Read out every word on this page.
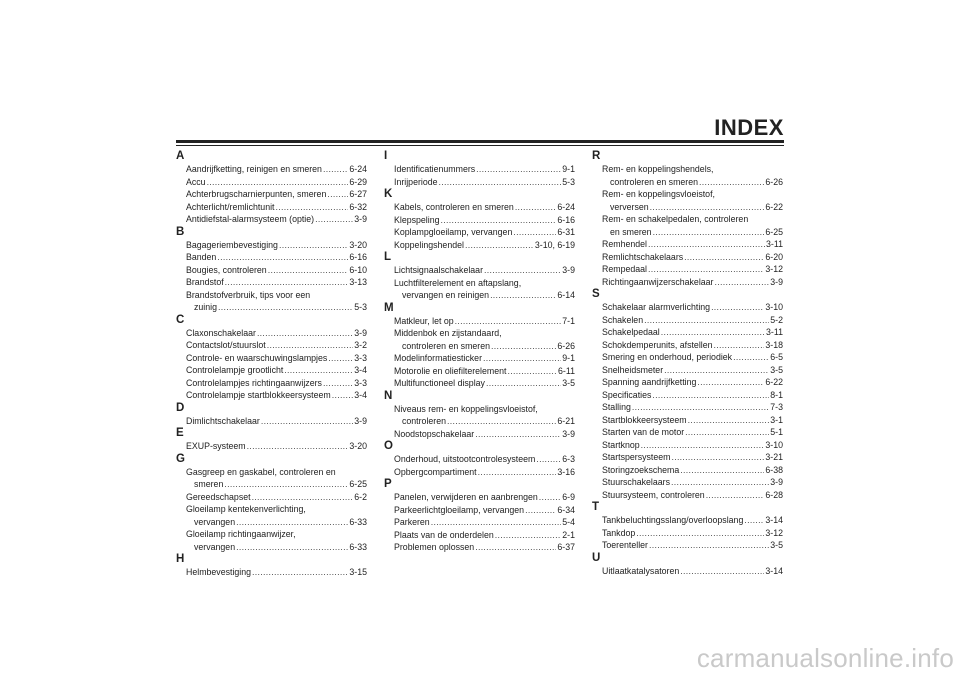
INDEX
A
Aandrijfketting, reinigen en smeren .....	6-24
Accu .....	6-29
Achterbrugscharnierpunten, smeren .....	6-27
Achterlicht/remlichtunit .....	6-32
Antidiefstal-alarmsysteem (optie) .....	3-9
B
Bagageriembevestiging .....	3-20
Banden .....	6-16
Bougies, controleren .....	6-10
Brandstof .....	3-13
Brandstofverbruik, tips voor een
zuinig .....	5-3
C
Claxonschakelaar .....	3-9
Contactslot/stuurslot .....	3-2
Controle- en waarschuwingslampjes .....	3-3
Controlelampje grootlicht .....	3-4
Controlelampjes richtingaanwijzers .....	3-3
Controlelampje startblokkeersysteem .....	3-4
D
Dimlichtschakelaar .....	3-9
E
EXUP-systeem .....	3-20
G
Gasgreep en gaskabel, controleren en
smeren .....	6-25
Gereedschapset .....	6-2
Gloeilamp kentekenverlichting,
vervangen .....	6-33
Gloeilamp richtingaanwijzer,
vervangen .....	6-33
H
Helmbevestiging .....	3-15
I
Identificatienummers .....	9-1
Inrijperiode .....	5-3
K
Kabels, controleren en smeren .....	6-24
Klepspeling .....	6-16
Koplampgloeilamp, vervangen .....	6-31
Koppelingshendel .....	3-10, 6-19
L
Lichtsignaalschakelaar .....	3-9
Luchtfilterelement en aftapslang,
vervangen en reinigen .....	6-14
M
Matkleur, let op .....	7-1
Middenbok en zijstandaard,
controleren en smeren .....	6-26
Modelinformatiesticker .....	9-1
Motorolie en oliefilterelement .....	6-11
Multifunctioneel display .....	3-5
N
Niveaus rem- en koppelingsvloeistof,
controleren .....	6-21
Noodstopschakelaar .....	3-9
O
Onderhoud, uitstootcontrolesysteem .....	6-3
Opbergcompartiment .....	3-16
P
Panelen, verwijderen en aanbrengen .....	6-9
Parkeerlichtgloeilamp, vervangen .....	6-34
Parkeren .....	5-4
Plaats van de onderdelen .....	2-1
Problemen oplossen .....	6-37
R
Rem- en koppelingshendels,
controleren en smeren .....	6-26
Rem- en koppelingsvloeistof,
verversen .....	6-22
Rem- en schakelpedalen, controleren
en smeren .....	6-25
Remhendel .....	3-11
Remlichtschakelaars .....	6-20
Rempedaal .....	3-12
Richtingaanwijzerschakelaar .....	3-9
S
Schakelaar alarmverlichting .....	3-10
Schakelen .....	5-2
Schakelpedaal .....	3-11
Schokdemperunits, afstellen .....	3-18
Smering en onderhoud, periodiek .....	6-5
Snelheidsmeter .....	3-5
Spanning aandrijfketting .....	6-22
Specificaties .....	8-1
Stalling .....	7-3
Startblokkeersysteem .....	3-1
Starten van de motor .....	5-1
Startknop .....	3-10
Startspersysteem .....	3-21
Storingzoekschema .....	6-38
Stuurschakelaars .....	3-9
Stuursysteem, controleren .....	6-28
T
Tankbeluchtingsslang/overloopslang .....	3-14
Tankdop .....	3-12
Toerenteller .....	3-5
U
Uitlaatkatalysatoren .....	3-14
carmanualsonline.info
